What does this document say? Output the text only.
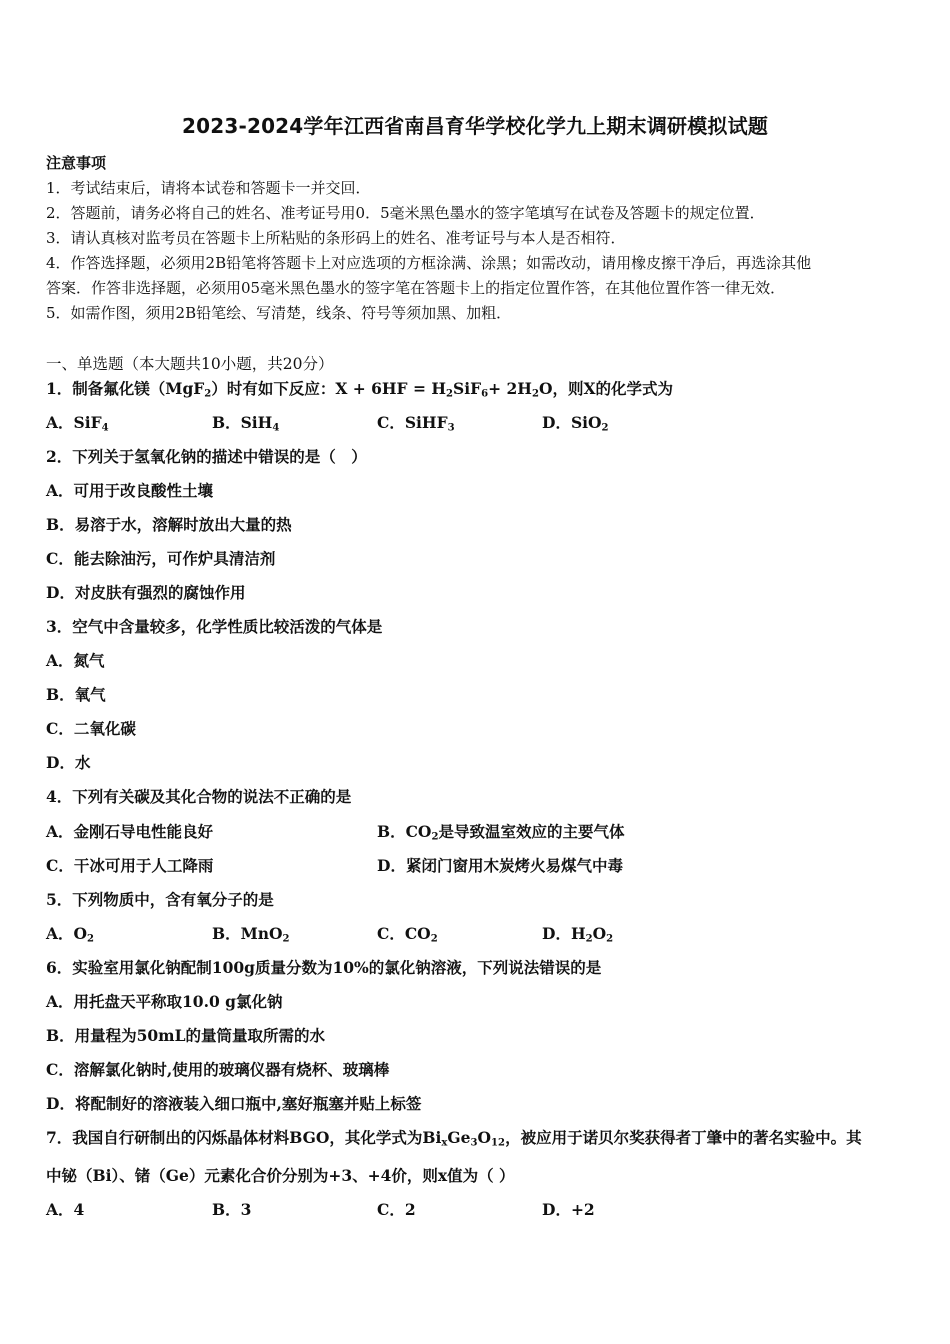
2023-2024学年江西省南昌育华学校化学九上期末调研模拟试题
注意事项
1．考试结束后，请将本试卷和答题卡一并交回．
2．答题前，请务必将自己的姓名、准考证号用0．5毫米黑色墨水的签字笔填写在试卷及答题卡的规定位置．
3．请认真核对监考员在答题卡上所粘贴的条形码上的姓名、准考证号与本人是否相符．
4．作答选择题，必须用2B铅笔将答题卡上对应选项的方框涂满、涂黑；如需改动，请用橡皮擦干净后，再选涂其他
答案．作答非选择题，必须用05毫米黑色墨水的签字笔在答题卡上的指定位置作答，在其他位置作答一律无效．
5．如需作图，须用2B铅笔绘、写清楚，线条、符号等须加黑、加粗．
一、单选题（本大题共10小题，共20分）
1．制备氟化镁（MgF$_2$）时有如下反应：$X + 6HF = H_2SiF_6+ 2H_2O$，则X的化学式为
A．SiF$_4$	B．SiH$_4$	C．SiHF$_3$	D．SiO$_2$
2．下列关于氢氧化钠的描述中错误的是（　）
A．可用于改良酸性土壤
B．易溶于水，溶解时放出大量的热
C．能去除油污，可作炉具清洁剂
D．对皮肤有强烈的腐蚀作用
3．空气中含量较多，化学性质比较活泼的气体是
A．氮气
B．氧气
C．二氧化碳
D．水
4．下列有关碳及其化合物的说法不正确的是
A．金刚石导电性能良好	B．$CO_2$是导致温室效应的主要气体
C．干冰可用于人工降雨	D．紧闭门窗用木炭烤火易煤气中毒
5．下列物质中，含有氧分子的是
A．$O_2$	B．MnO$_2$	C．$CO_2$	D．$H_2O_2$
6．实验室用氯化钠配制100g质量分数为10%的氯化钠溶液，下列说法错误的是
A．用托盘天平称取10.0 g氯化钠
B．用量程为50mL的量筒量取所需的水
C．溶解氯化钠时,使用的玻璃仪器有烧杯、玻璃棒
D．将配制好的溶液装入细口瓶中,塞好瓶塞并贴上标签
7．我国自行研制出的闪烁晶体材料BGO，其化学式为$Bi_xGe_3O_{12}$，被应用于诺贝尔奖获得者丁肇中的著名实验中。其
中铋（Bi）、锗（Ge）元素化合价分别为+3、+4价，则x值为（ ）
A．4	B．3	C．2	D．+2
